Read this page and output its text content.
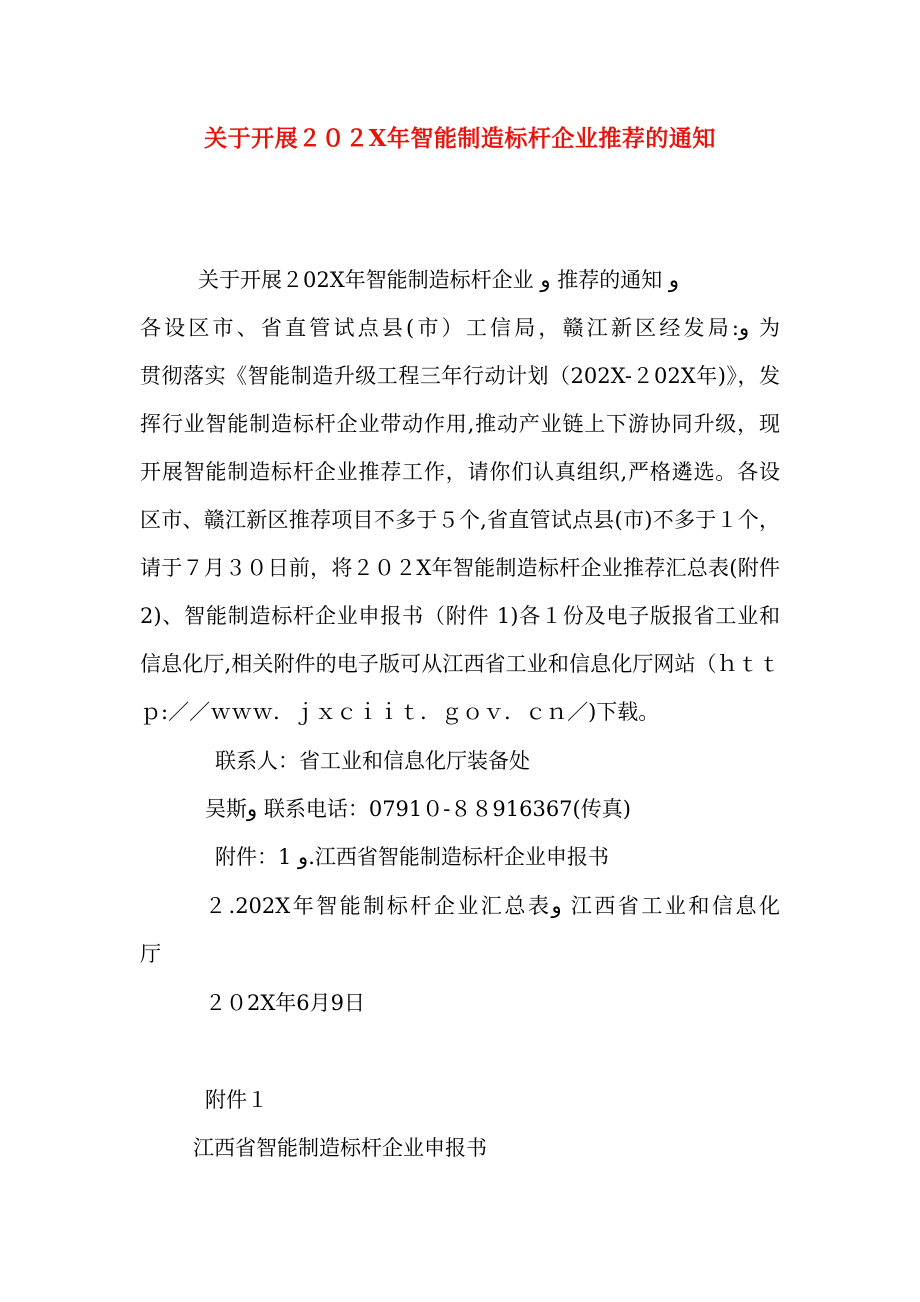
关于开展２０２X年智能制造标杆企业推荐的通知
关于开展２02X年智能制造标杆企业 و 推荐的通知 و
各设区市、省直管试点县(市）工信局，赣江新区经发局:و 为
贯彻落实《智能制造升级工程三年行动计划（202X-２02X年)》，发
挥行业智能制造标杆企业带动作用,推动产业链上下游协同升级，现
开展智能制造标杆企业推荐工作，请你们认真组织,严格遴选。各设
区市、赣江新区推荐项目不多于５个,省直管试点县(市)不多于１个，
请于７月３０日前，将２０２X年智能制造标杆企业推荐汇总表(附件
2)、智能制造标杆企业申报书（附件 1)各１份及电子版报省工业和
信息化厅,相关附件的电子版可从江西省工业和信息化厅网站（ｈｔｔ
ｐ:／／ｗｗｗ．ｊｘｃｉｉｔ．ｇｏｖ．ｃｎ／)下载。
联系人：省工业和信息化厅装备处
吴斯و 联系电话：0791０-８８916367(传真)
附件：1 و.江西省智能制造标杆企业申报书
２.202X年智能制标杆企业汇总表و 江西省工业和信息化
厅
２０2X年6月9日
附件１
江西省智能制造标杆企业申报书
